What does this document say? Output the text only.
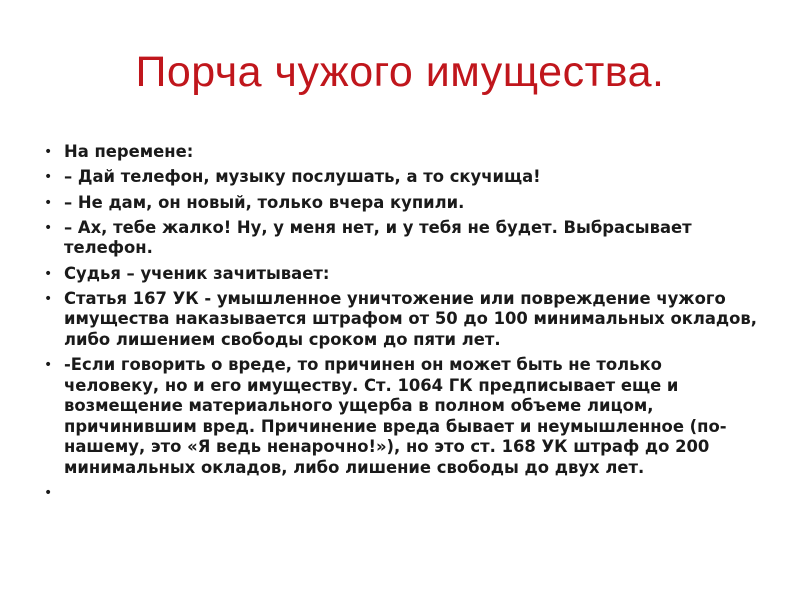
Порча чужого имущества.
• На перемене:
• – Дай телефон, музыку послушать, а то скучища!
• – Не дам, он новый, только вчера купили.
• – Ах, тебе жалко! Ну, у меня нет, и у тебя не будет. Выбрасывает телефон.
• Судья – ученик зачитывает:
• Статья 167 УК - умышленное уничтожение или повреждение чужого имущества наказывается штрафом от 50 до 100 минимальных окладов, либо лишением свободы сроком до пяти лет.
• -Если говорить о вреде, то причинен он может быть не только человеку, но и его имуществу. Ст. 1064 ГК предписывает еще и возмещение материального ущерба в полном объеме лицом, причинившим вред. Причинение вреда бывает и неумышленное (по-нашему, это «Я ведь ненарочно!»), но это ст. 168 УК штраф до 200 минимальных окладов, либо лишение свободы до двух лет.
•
